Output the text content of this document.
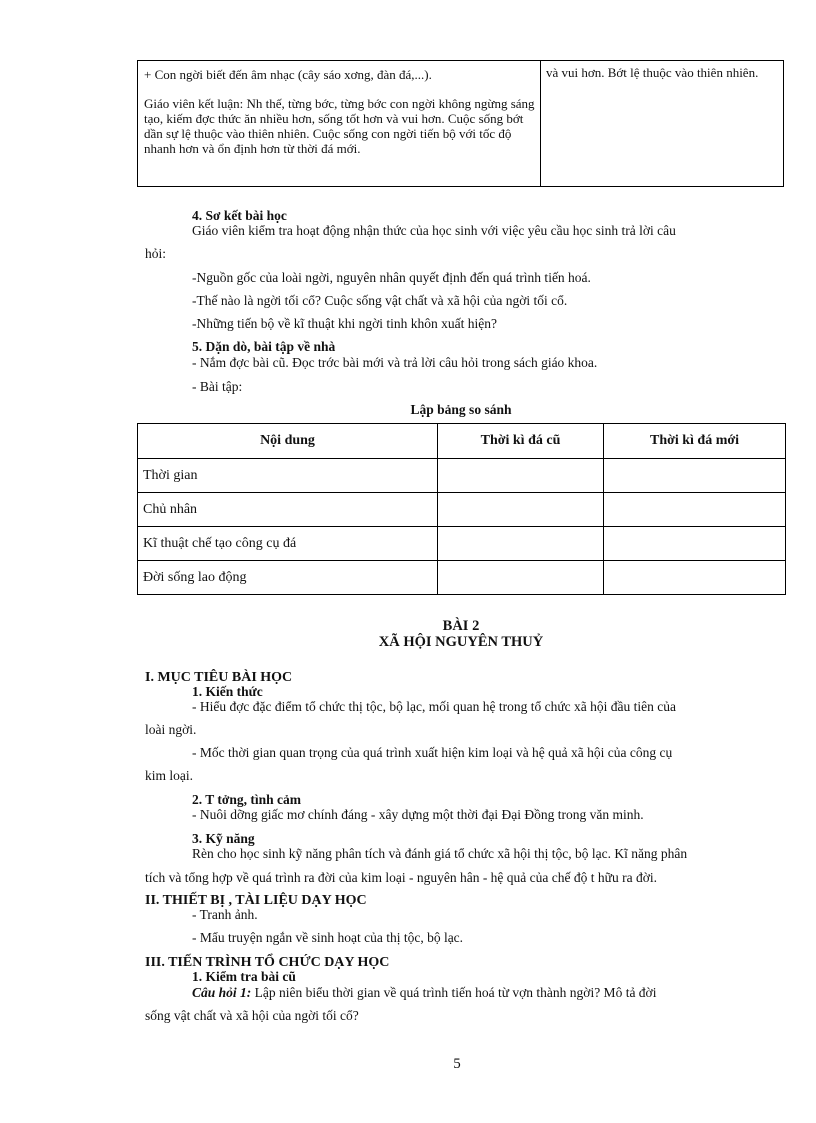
+ Con ngời biết đến âm nhạc (cây sáo xơng, đàn đá,...).
Giáo viên kết luận: Nh thế, từng bớc, từng bớc con ngời không ngừng sáng tạo, kiếm đợc thức ăn nhiều hơn, sống tốt hơn và vui hơn. Cuộc sống bớt dần sự lệ thuộc vào thiên nhiên. Cuộc sống con ngời tiến bộ với tốc độ nhanh hơn và ổn định hơn từ thời đá mới.
và vui hơn. Bớt lệ thuộc vào thiên nhiên.
4. Sơ kết bài học
Giáo viên kiểm tra hoạt động nhận thức của học sinh với việc yêu cầu học sinh trả lời câu
hỏi:
-Nguồn gốc của loài ngời, nguyên nhân quyết định đến quá trình tiến hoá.
-Thế nào là ngời tối cổ? Cuộc sống vật chất và xã hội của ngời tối cổ.
-Những tiến bộ về kĩ thuật khi ngời tinh khôn xuất hiện?
5. Dặn dò, bài tập về nhà
- Nắm đợc bài cũ. Đọc trớc bài mới và trả lời câu hỏi trong sách giáo khoa.
- Bài tập:
Lập bảng so sánh
Nội dung	Thời kì đá cũ	Thời kì đá mới
Thời gian		
Chủ nhân		
Kĩ thuật chế tạo công cụ đá		
Đời sống lao động		
BÀI 2
XÃ HỘI NGUYÊN THUỶ
I. MỤC TIÊU BÀI HỌC
1. Kiến thức
- Hiểu đợc đặc điểm tổ chức thị tộc, bộ lạc, mối quan hệ trong tổ chức xã hội đầu tiên của
loài ngời.
- Mốc thời gian quan trọng của quá trình xuất hiện kim loại và hệ quả xã hội của công cụ
kim loại.
2. T tởng, tình cảm
- Nuôi dỡng giấc mơ chính đáng - xây dựng một thời đại Đại Đồng trong văn minh.
3. Kỹ năng
Rèn cho học sinh kỹ năng phân tích và đánh giá tổ chức xã hội thị tộc, bộ lạc. Kĩ năng phân
tích và tổng hợp về quá trình ra đời của kim loại - nguyên hân - hệ quả của chế độ t hữu ra đời.
II. THIẾT BỊ , TÀI LIỆU DẠY HỌC
- Tranh ảnh.
- Mẩu truyện ngắn về sinh hoạt của thị tộc, bộ lạc.
III. TIẾN TRÌNH TỔ CHỨC DẠY HỌC
1. Kiểm tra bài cũ
Câu hỏi 1: Lập niên biểu thời gian về quá trình tiến hoá từ vợn thành ngời? Mô tả đời
sống vật chất và xã hội của ngời tối cổ?
5
